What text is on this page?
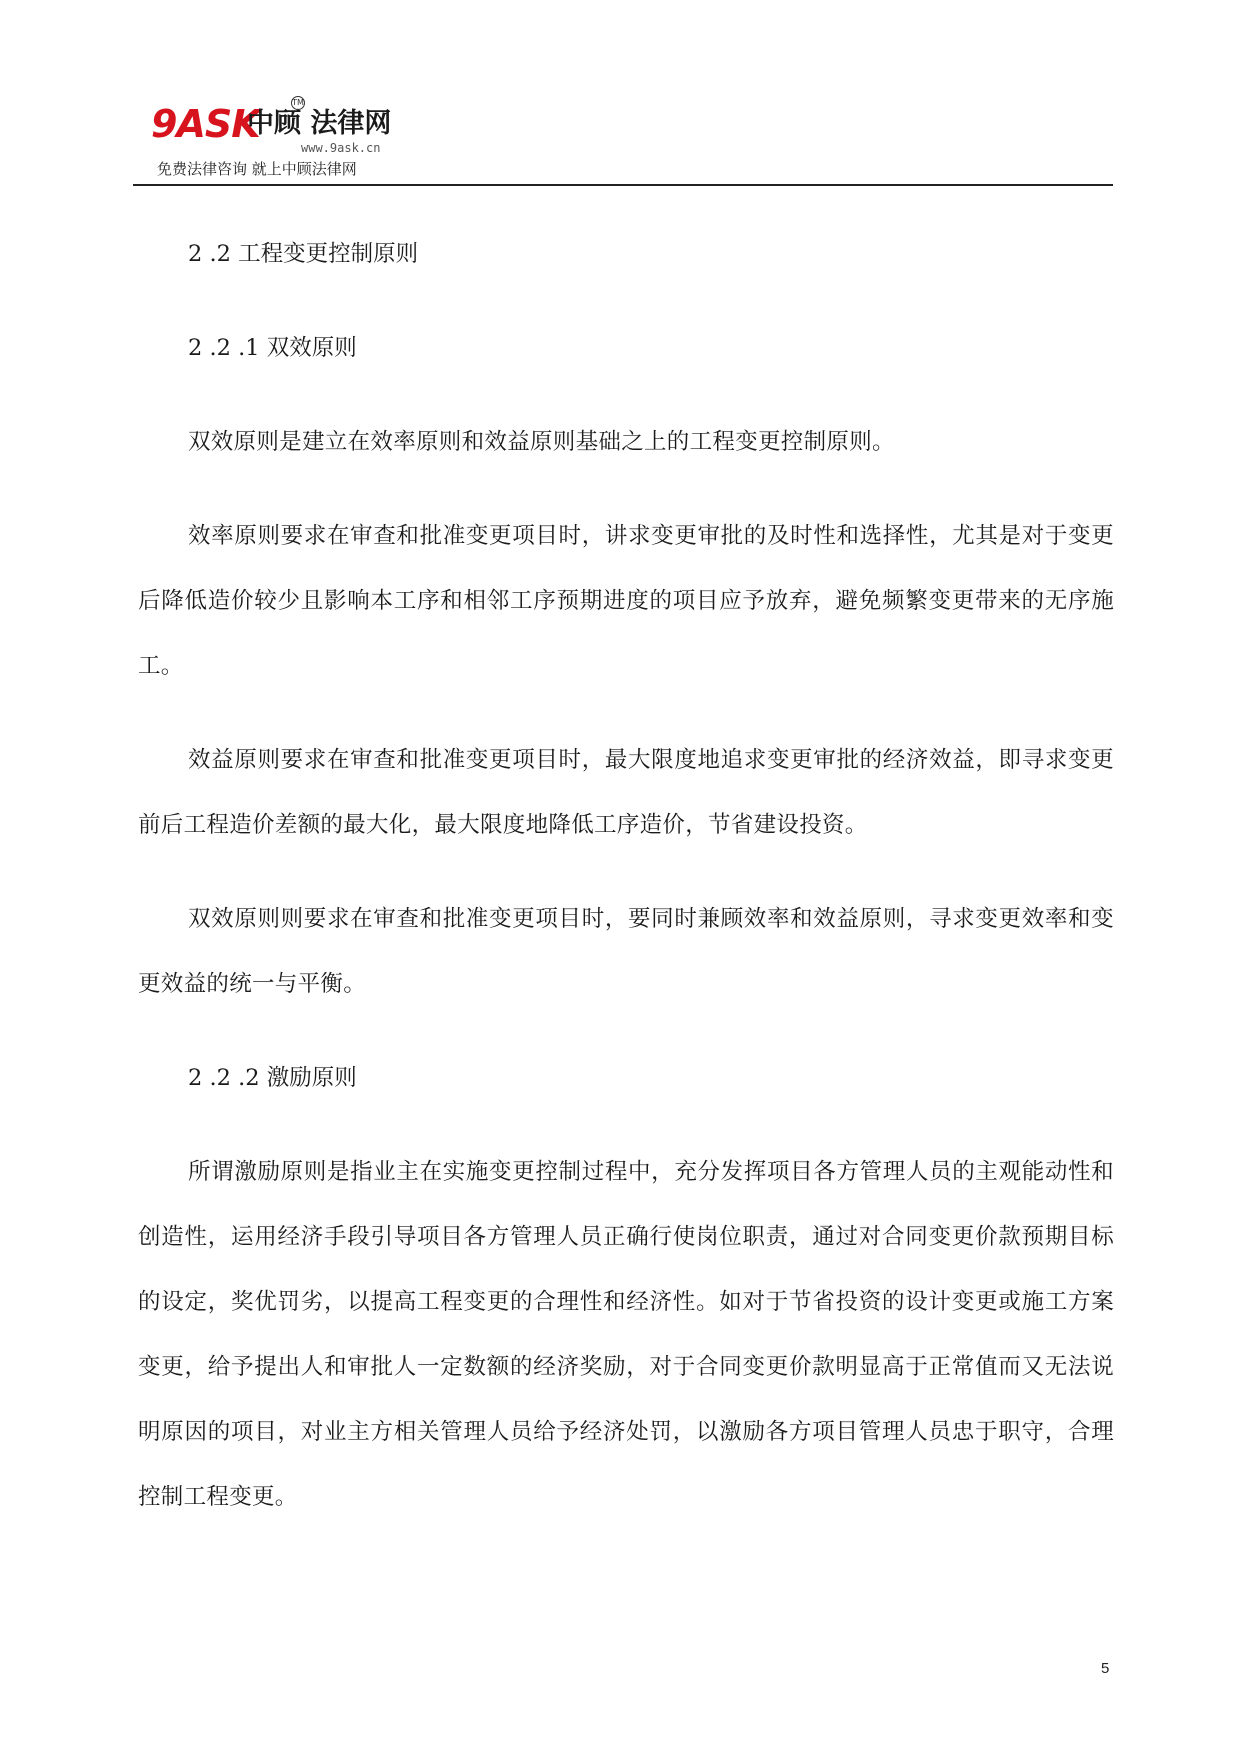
9ASK
中顾 法律网
TM
www.9ask.cn
免费法律咨询 就上中顾法律网

2 .2 工程变更控制原则

2 .2 .1 双效原则

双效原则是建立在效率原则和效益原则基础之上的工程变更控制原则。

效率原则要求在审查和批准变更项目时，讲求变更审批的及时性和选择性，尤其是对于变更后降低造价较少且影响本工序和相邻工序预期进度的项目应予放弃，避免频繁变更带来的无序施工。

效益原则要求在审查和批准变更项目时，最大限度地追求变更审批的经济效益，即寻求变更前后工程造价差额的最大化，最大限度地降低工序造价，节省建设投资。

双效原则则要求在审查和批准变更项目时，要同时兼顾效率和效益原则，寻求变更效率和变更效益的统一与平衡。

2 .2 .2 激励原则

所谓激励原则是指业主在实施变更控制过程中，充分发挥项目各方管理人员的主观能动性和创造性，运用经济手段引导项目各方管理人员正确行使岗位职责，通过对合同变更价款预期目标的设定，奖优罚劣，以提高工程变更的合理性和经济性。如对于节省投资的设计变更或施工方案变更，给予提出人和审批人一定数额的经济奖励，对于合同变更价款明显高于正常值而又无法说明原因的项目，对业主方相关管理人员给予经济处罚，以激励各方项目管理人员忠于职守，合理控制工程变更。

5
